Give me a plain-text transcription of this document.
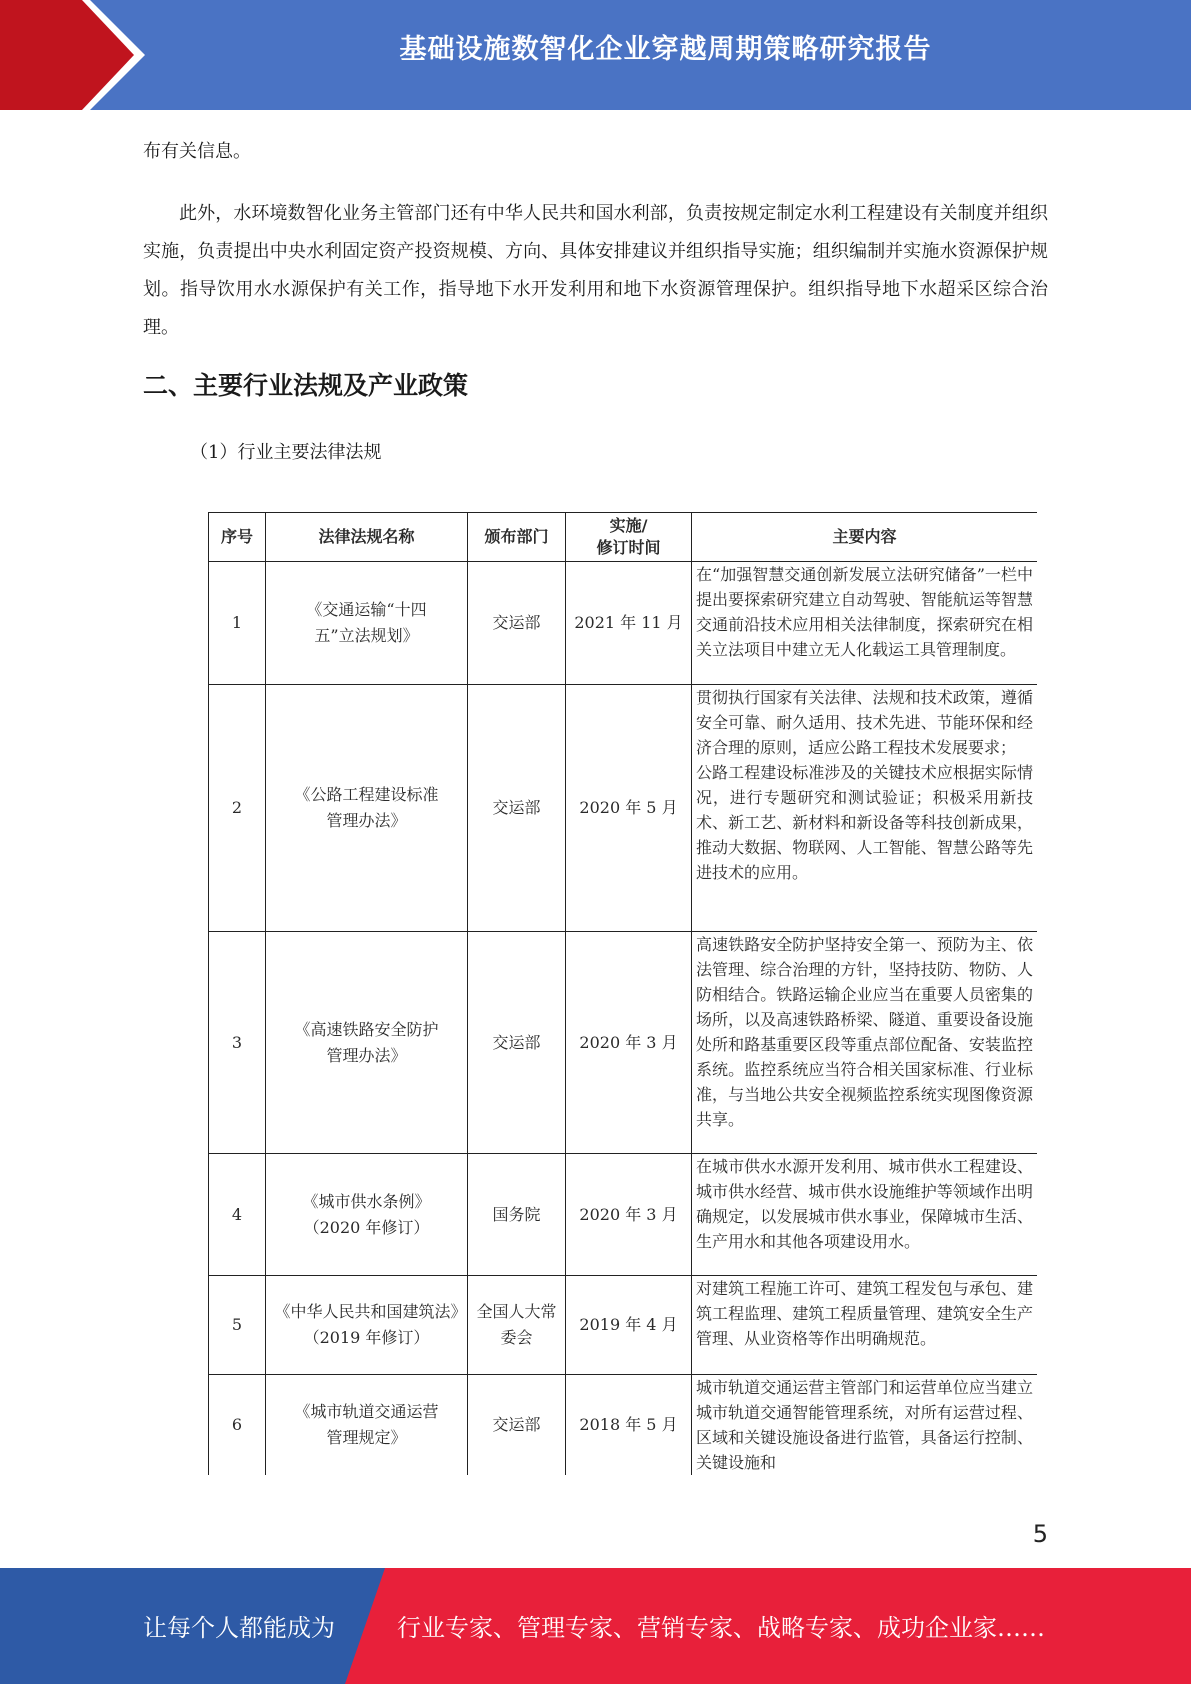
基础设施数智化企业穿越周期策略研究报告

布有关信息。

此外，水环境数智化业务主管部门还有中华人民共和国水利部，负责按规定制定水利工程建设有关制度并组织实施，负责提出中央水利固定资产投资规模、方向、具体安排建议并组织指导实施；组织编制并实施水资源保护规划。指导饮用水水源保护有关工作，指导地下水开发利用和地下水资源管理保护。组织指导地下水超采区综合治理。

二、主要行业法规及产业政策

（1）行业主要法律法规

序号	法律法规名称	颁布部门	实施/
修订时间	主要内容
1	《交通运输“十四五”立法规划》	交运部	2021 年 11 月	在“加强智慧交通创新发展立法研究储备”一栏中提出要探索研究建立自动驾驶、智能航运等智慧交通前沿技术应用相关法律制度，探索研究在相关立法项目中建立无人化载运工具管理制度。
2	《公路工程建设标准管理办法》	交运部	2020 年 5 月	贯彻执行国家有关法律、法规和技术政策，遵循安全可靠、耐久适用、技术先进、节能环保和经济合理的原则，适应公路工程技术发展要求；
公路工程建设标准涉及的关键技术应根据实际情况，进行专题研究和测试验证；积极采用新技术、新工艺、新材料和新设备等科技创新成果，推动大数据、物联网、人工智能、智慧公路等先进技术的应用。
3	《高速铁路安全防护管理办法》	交运部	2020 年 3 月	高速铁路安全防护坚持安全第一、预防为主、依法管理、综合治理的方针，坚持技防、物防、人防相结合。铁路运输企业应当在重要人员密集的场所，以及高速铁路桥梁、隧道、重要设备设施处所和路基重要区段等重点部位配备、安装监控系统。监控系统应当符合相关国家标准、行业标准，与当地公共安全视频监控系统实现图像资源共享。
4	《城市供水条例》（2020 年修订）	国务院	2020 年 3 月	在城市供水水源开发利用、城市供水工程建设、城市供水经营、城市供水设施维护等领域作出明确规定，以发展城市供水事业，保障城市生活、生产用水和其他各项建设用水。
5	《中华人民共和国建筑法》（2019 年修订）	全国人大常委会	2019 年 4 月	对建筑工程施工许可、建筑工程发包与承包、建筑工程监理、建筑工程质量管理、建筑安全生产管理、从业资格等作出明确规范。
6	《城市轨道交通运营管理规定》	交运部	2018 年 5 月	城市轨道交通运营主管部门和运营单位应当建立城市轨道交通智能管理系统，对所有运营过程、区域和关键设施设备进行监管，具备运行控制、关键设施和
5
让每个人都能成为	行业专家、管理专家、营销专家、战略专家、成功企业家……
